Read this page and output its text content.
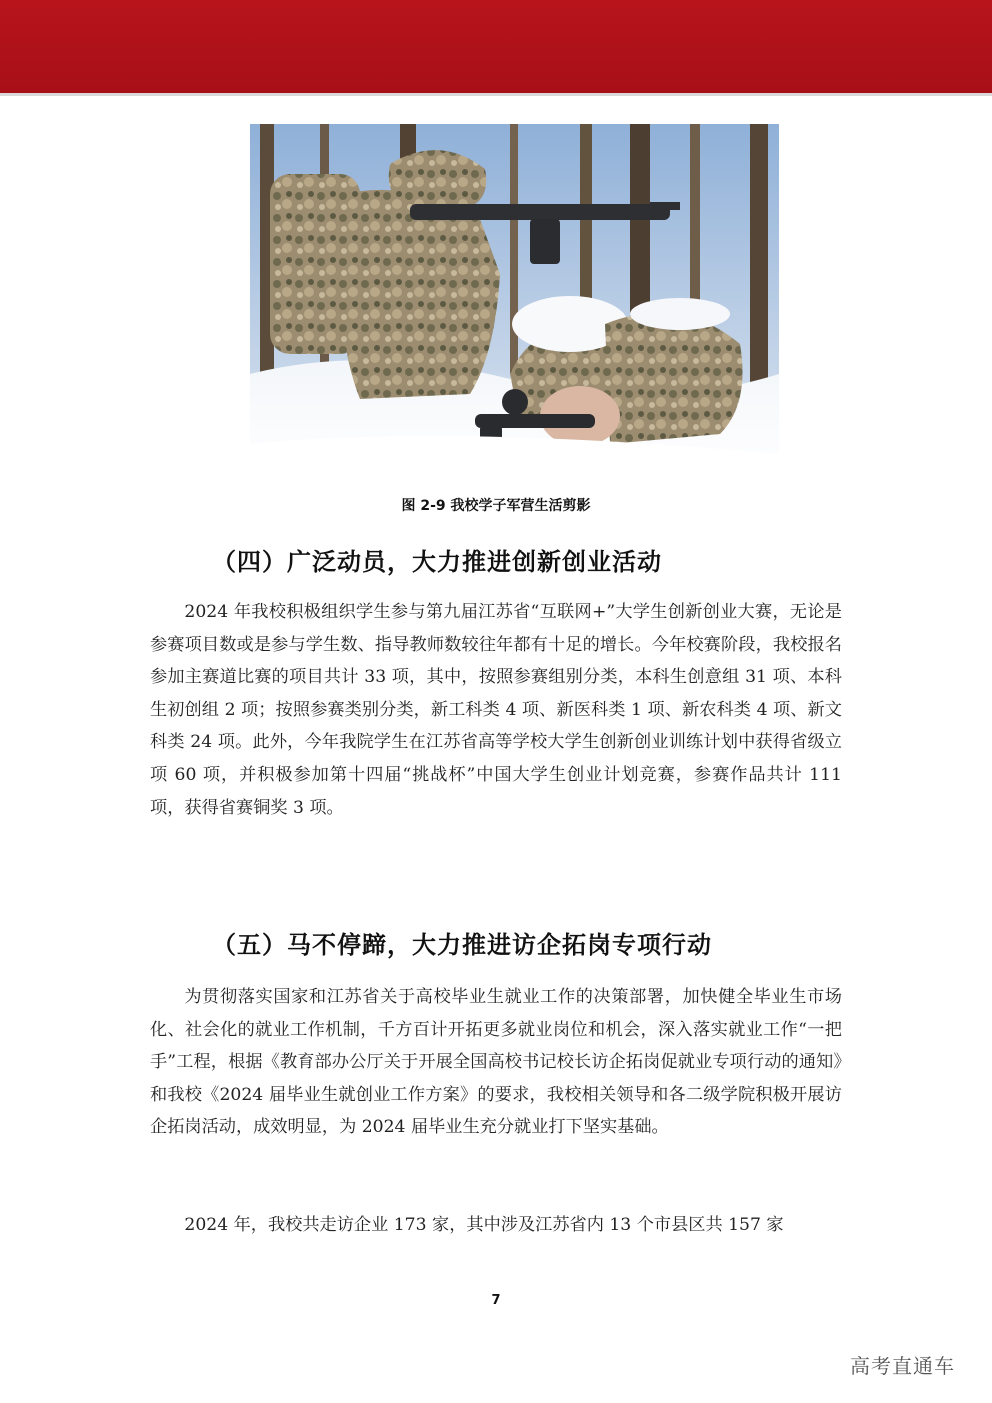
图 2-9 我校学子军营生活剪影
（四）广泛动员，大力推进创新创业活动

2024 年我校积极组织学生参与第九届江苏省“互联网+”大学生创新创业大赛，无论是参赛项目数或是参与学生数、指导教师数较往年都有十足的增长。今年校赛阶段，我校报名参加主赛道比赛的项目共计 33 项，其中，按照参赛组别分类，本科生创意组 31 项、本科生初创组 2 项；按照参赛类别分类，新工科类 4 项、新医科类 1 项、新农科类 4 项、新文科类 24 项。此外，今年我院学生在江苏省高等学校大学生创新创业训练计划中获得省级立项 60 项，并积极参加第十四届“挑战杯”中国大学生创业计划竞赛，参赛作品共计 111 项，获得省赛铜奖 3 项。

（五）马不停蹄，大力推进访企拓岗专项行动

为贯彻落实国家和江苏省关于高校毕业生就业工作的决策部署，加快健全毕业生市场化、社会化的就业工作机制，千方百计开拓更多就业岗位和机会，深入落实就业工作“一把手”工程，根据《教育部办公厅关于开展全国高校书记校长访企拓岗促就业专项行动的通知》和我校《2024 届毕业生就创业工作方案》的要求，我校相关领导和各二级学院积极开展访企拓岗活动，成效明显，为 2024 届毕业生充分就业打下坚实基础。

2024 年，我校共走访企业 173 家，其中涉及江苏省内 13 个市县区共 157 家

7
高考直通车
